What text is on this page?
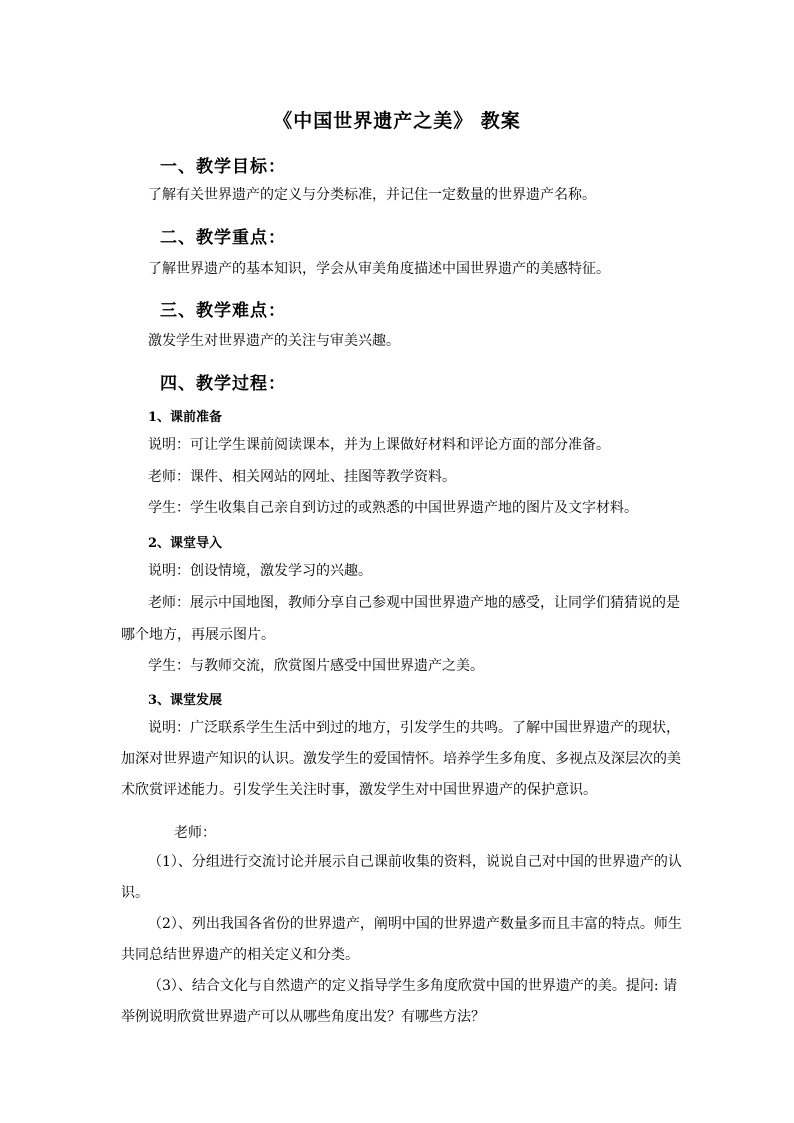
《中国世界遗产之美》 教案
一、教学目标：
了解有关世界遗产的定义与分类标准，并记住一定数量的世界遗产名称。
二、教学重点：
了解世界遗产的基本知识，学会从审美角度描述中国世界遗产的美感特征。
三、教学难点：
激发学生对世界遗产的关注与审美兴趣。
四、教学过程：
1、课前准备
说明：可让学生课前阅读课本，并为上课做好材料和评论方面的部分准备。
老师：课件、相关网站的网址、挂图等教学资料。
学生：学生收集自己亲自到访过的或熟悉的中国世界遗产地的图片及文字材料。
2、课堂导入
说明：创设情境，激发学习的兴趣。
老师：展示中国地图，教师分享自己参观中国世界遗产地的感受，让同学们猜猜说的是
哪个地方，再展示图片。
学生：与教师交流，欣赏图片感受中国世界遗产之美。
3、课堂发展
说明：广泛联系学生生活中到过的地方，引发学生的共鸣。了解中国世界遗产的现状，
加深对世界遗产知识的认识。激发学生的爱国情怀。培养学生多角度、多视点及深层次的美
术欣赏评述能力。引发学生关注时事，激发学生对中国世界遗产的保护意识。
老师：
（1）、分组进行交流讨论并展示自己课前收集的资料，说说自己对中国的世界遗产的认
识。
（2）、列出我国各省份的世界遗产，阐明中国的世界遗产数量多而且丰富的特点。师生
共同总结世界遗产的相关定义和分类。
（3）、结合文化与自然遗产的定义指导学生多角度欣赏中国的世界遗产的美。提问: 请
举例说明欣赏世界遗产可以从哪些角度出发？有哪些方法？
